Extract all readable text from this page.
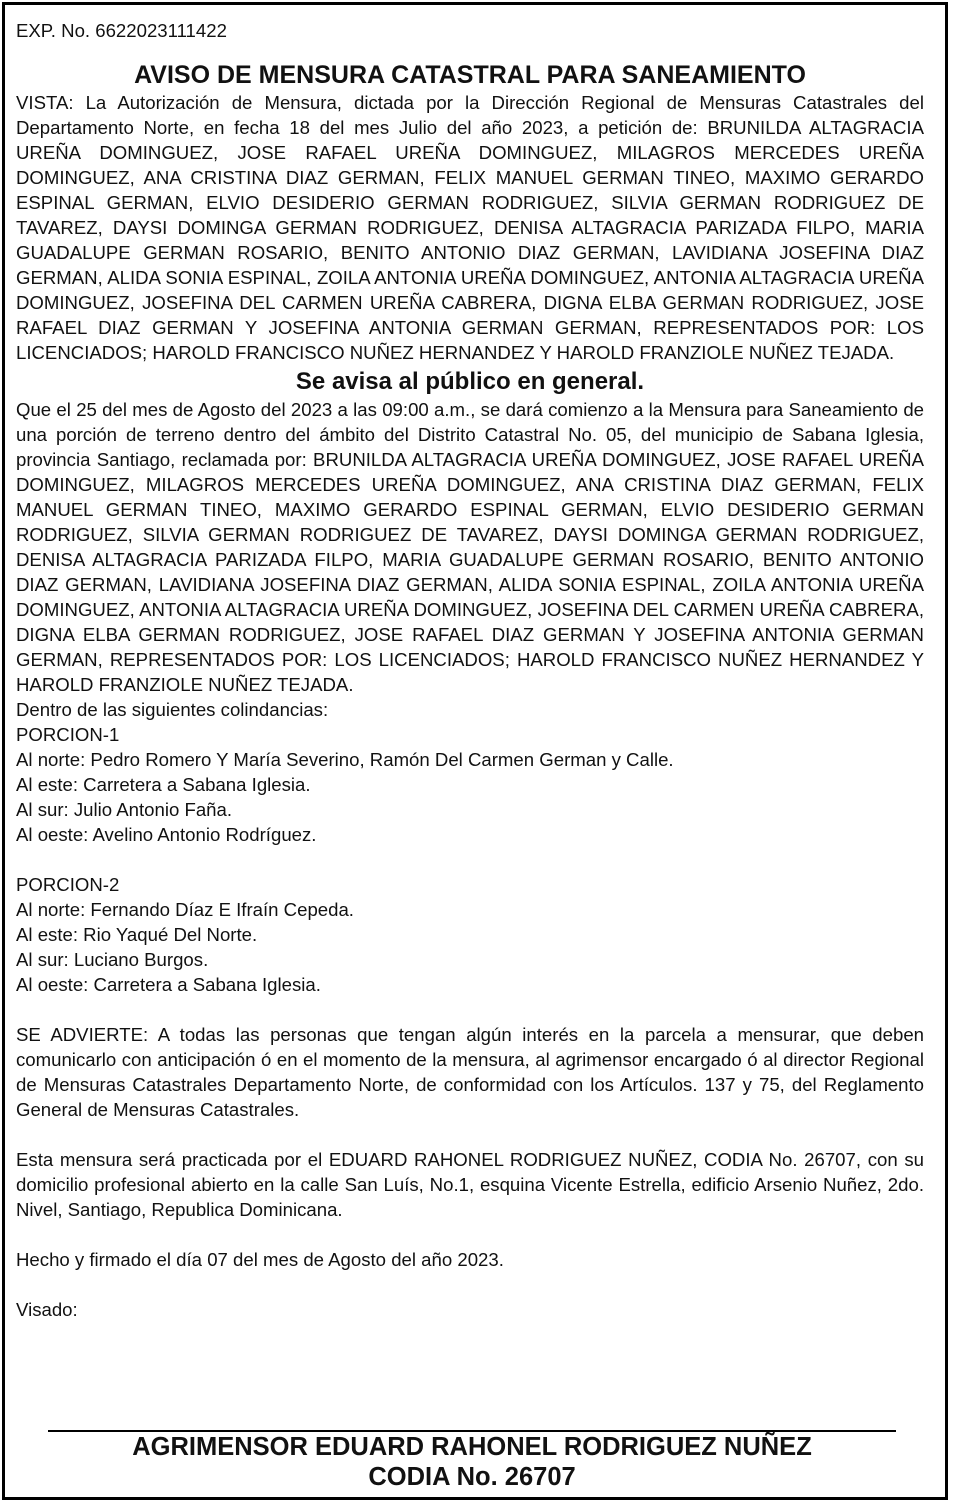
EXP. No. 6622023111422

AVISO DE MENSURA CATASTRAL PARA SANEAMIENTO

VISTA: La Autorización de Mensura, dictada por la Dirección Regional de Mensuras Catastrales del Departamento Norte, en fecha 18 del mes Julio del año 2023, a petición de: BRUNILDA ALTAGRACIA UREÑA DOMINGUEZ, JOSE RAFAEL UREÑA DOMINGUEZ, MILAGROS MERCEDES UREÑA DOMINGUEZ, ANA CRISTINA DIAZ GERMAN, FELIX MANUEL GERMAN TINEO, MAXIMO GERARDO ESPINAL GERMAN, ELVIO DESIDERIO GERMAN RODRIGUEZ, SILVIA GERMAN RODRIGUEZ DE TAVAREZ, DAYSI DOMINGA GERMAN RODRIGUEZ, DENISA ALTAGRACIA PARIZADA FILPO, MARIA GUADALUPE GERMAN ROSARIO, BENITO ANTONIO DIAZ GERMAN, LAVIDIANA JOSEFINA DIAZ GERMAN, ALIDA SONIA ESPINAL, ZOILA ANTONIA UREÑA DOMINGUEZ, ANTONIA ALTAGRACIA UREÑA DOMINGUEZ, JOSEFINA DEL CARMEN UREÑA CABRERA, DIGNA ELBA GERMAN RODRIGUEZ, JOSE RAFAEL DIAZ GERMAN Y JOSEFINA ANTONIA GERMAN GERMAN, REPRESENTADOS POR: LOS LICENCIADOS; HAROLD FRANCISCO NUÑEZ HERNANDEZ Y HAROLD FRANZIOLE NUÑEZ TEJADA.

Se avisa al público en general.

Que el 25 del mes de Agosto del 2023 a las 09:00 a.m., se dará comienzo a la Mensura para Saneamiento de una porción de terreno dentro del ámbito del Distrito Catastral No. 05, del municipio de Sabana Iglesia, provincia Santiago, reclamada por: BRUNILDA ALTAGRACIA UREÑA DOMINGUEZ, JOSE RAFAEL UREÑA DOMINGUEZ, MILAGROS MERCEDES UREÑA DOMINGUEZ, ANA CRISTINA DIAZ GERMAN, FELIX MANUEL GERMAN TINEO, MAXIMO GERARDO ESPINAL GERMAN, ELVIO DESIDERIO GERMAN RODRIGUEZ, SILVIA GERMAN RODRIGUEZ DE TAVAREZ, DAYSI DOMINGA GERMAN RODRIGUEZ, DENISA ALTAGRACIA PARIZADA FILPO, MARIA GUADALUPE GERMAN ROSARIO, BENITO ANTONIO DIAZ GERMAN, LAVIDIANA JOSEFINA DIAZ GERMAN, ALIDA SONIA ESPINAL, ZOILA ANTONIA UREÑA DOMINGUEZ, ANTONIA ALTAGRACIA UREÑA DOMINGUEZ, JOSEFINA DEL CARMEN UREÑA CABRERA, DIGNA ELBA GERMAN RODRIGUEZ, JOSE RAFAEL DIAZ GERMAN Y JOSEFINA ANTONIA GERMAN GERMAN, REPRESENTADOS POR: LOS LICENCIADOS; HAROLD FRANCISCO NUÑEZ HERNANDEZ Y HAROLD FRANZIOLE NUÑEZ TEJADA.

Dentro de las siguientes colindancias:

PORCION-1

Al norte: Pedro Romero Y María Severino, Ramón Del Carmen German y Calle.

Al este: Carretera a Sabana Iglesia.

Al sur: Julio Antonio Faña.

Al oeste: Avelino Antonio Rodríguez.

PORCION-2

Al norte: Fernando Díaz E Ifraín Cepeda.

Al este: Rio Yaqué Del Norte.

Al sur: Luciano Burgos.

Al oeste: Carretera a Sabana Iglesia.

SE ADVIERTE: A todas las personas que tengan algún interés en la parcela a mensurar, que deben comunicarlo con anticipación ó en el momento de la mensura, al agrimensor encargado ó al director Regional de Mensuras Catastrales Departamento Norte, de conformidad con los Artículos. 137 y 75, del Reglamento General de Mensuras Catastrales.

Esta mensura será practicada por el EDUARD RAHONEL RODRIGUEZ NUÑEZ, CODIA No. 26707, con su domicilio profesional abierto en la calle San Luís, No.1, esquina Vicente Estrella, edificio Arsenio Nuñez, 2do. Nivel, Santiago, Republica Dominicana.

Hecho y firmado el día 07 del mes de Agosto del año 2023.

Visado:

AGRIMENSOR EDUARD RAHONEL RODRIGUEZ NUÑEZ
CODIA No. 26707
